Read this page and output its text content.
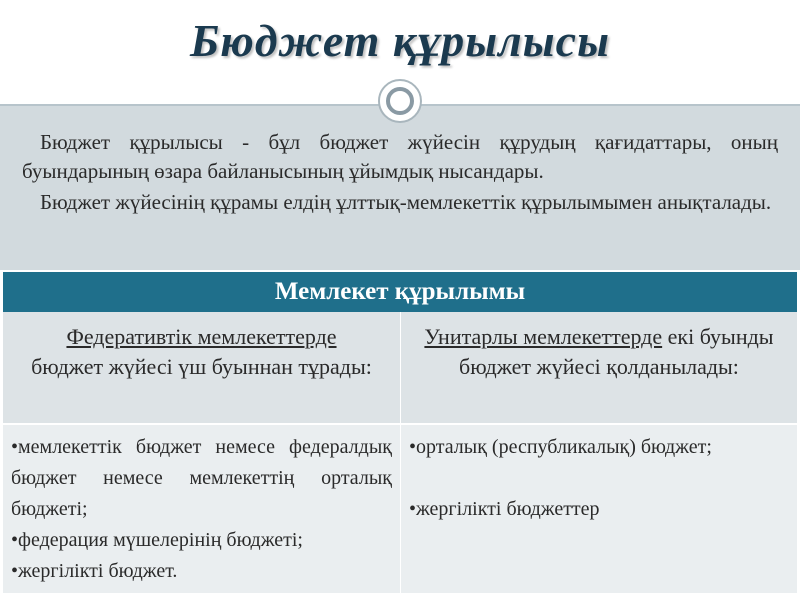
Бюджет құрылысы

Бюджет құрылысы - бұл бюджет жүйесін құрудың қағидаттары, оның буындарының өзара байланысының ұйымдық нысандары.

Бюджет жүйесінің құрамы елдің ұлттық-мемлекеттік құрылымымен анықталады.

Мемлекет құрылымы
Федеративтік мемлекеттерде
бюджет жүйесі үш буыннан тұрады:
Унитарлы мемлекеттерде екі буынды бюджет жүйесі қолданылады:
•мемлекеттік бюджет немесе федералдық бюджет немесе мемлекеттің орталық бюджеті;
•федерация мүшелерінің бюджеті;
•жергілікті бюджет.
•орталық (республикалық) бюджет;
•жергілікті бюджеттер
